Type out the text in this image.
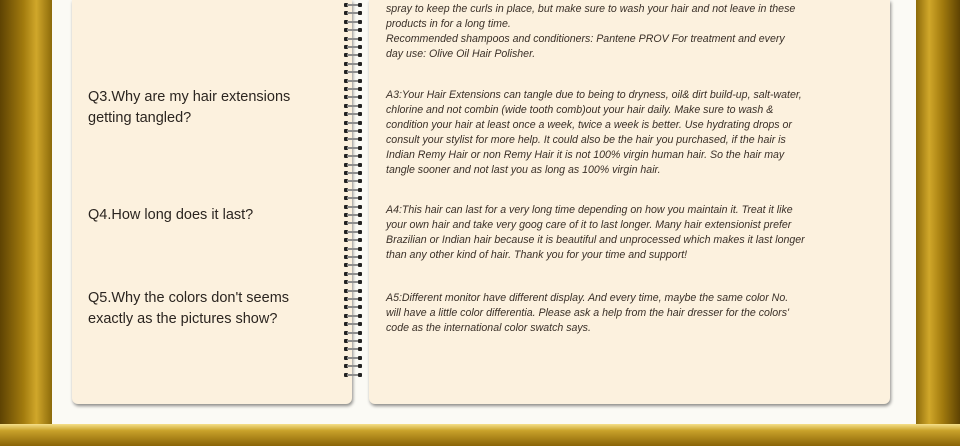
spray to keep the curls in place, but make sure to wash your hair and not leave in these
products in for a long time.
Recommended shampoos and conditioners: Pantene PROV For treatment and every
day use: Olive Oil Hair Polisher.
Q3.Why are my hair extensions
getting tangled?
A3:Your Hair Extensions can tangle due to being to dryness, oil& dirt build-up, salt-water,
chlorine and not combin (wide tooth comb)out your hair daily. Make sure to wash &
condition your hair at least once a week, twice a week is better. Use hydrating drops or
consult your stylist for more help. It could also be the hair you purchased, if the hair is
Indian Remy Hair or non Remy Hair it is not 100% virgin human hair. So the hair may
tangle sooner and not last you as long as 100% virgin hair.
Q4.How long does it last?	A4:This hair can last for a very long time depending on how you maintain it. Treat it like
your own hair and take very goog care of it to last longer. Many hair extensionist prefer
Brazilian or Indian hair because it is beautiful and unprocessed which makes it last longer
than any other kind of hair. Thank you for your time and support!
Q5.Why the colors don't seems
exactly as the pictures show?
A5:Different monitor have different display. And every time, maybe the same color No.
will have a little color differentia. Please ask a help from the hair dresser for the colors'
code as the international color swatch says.
